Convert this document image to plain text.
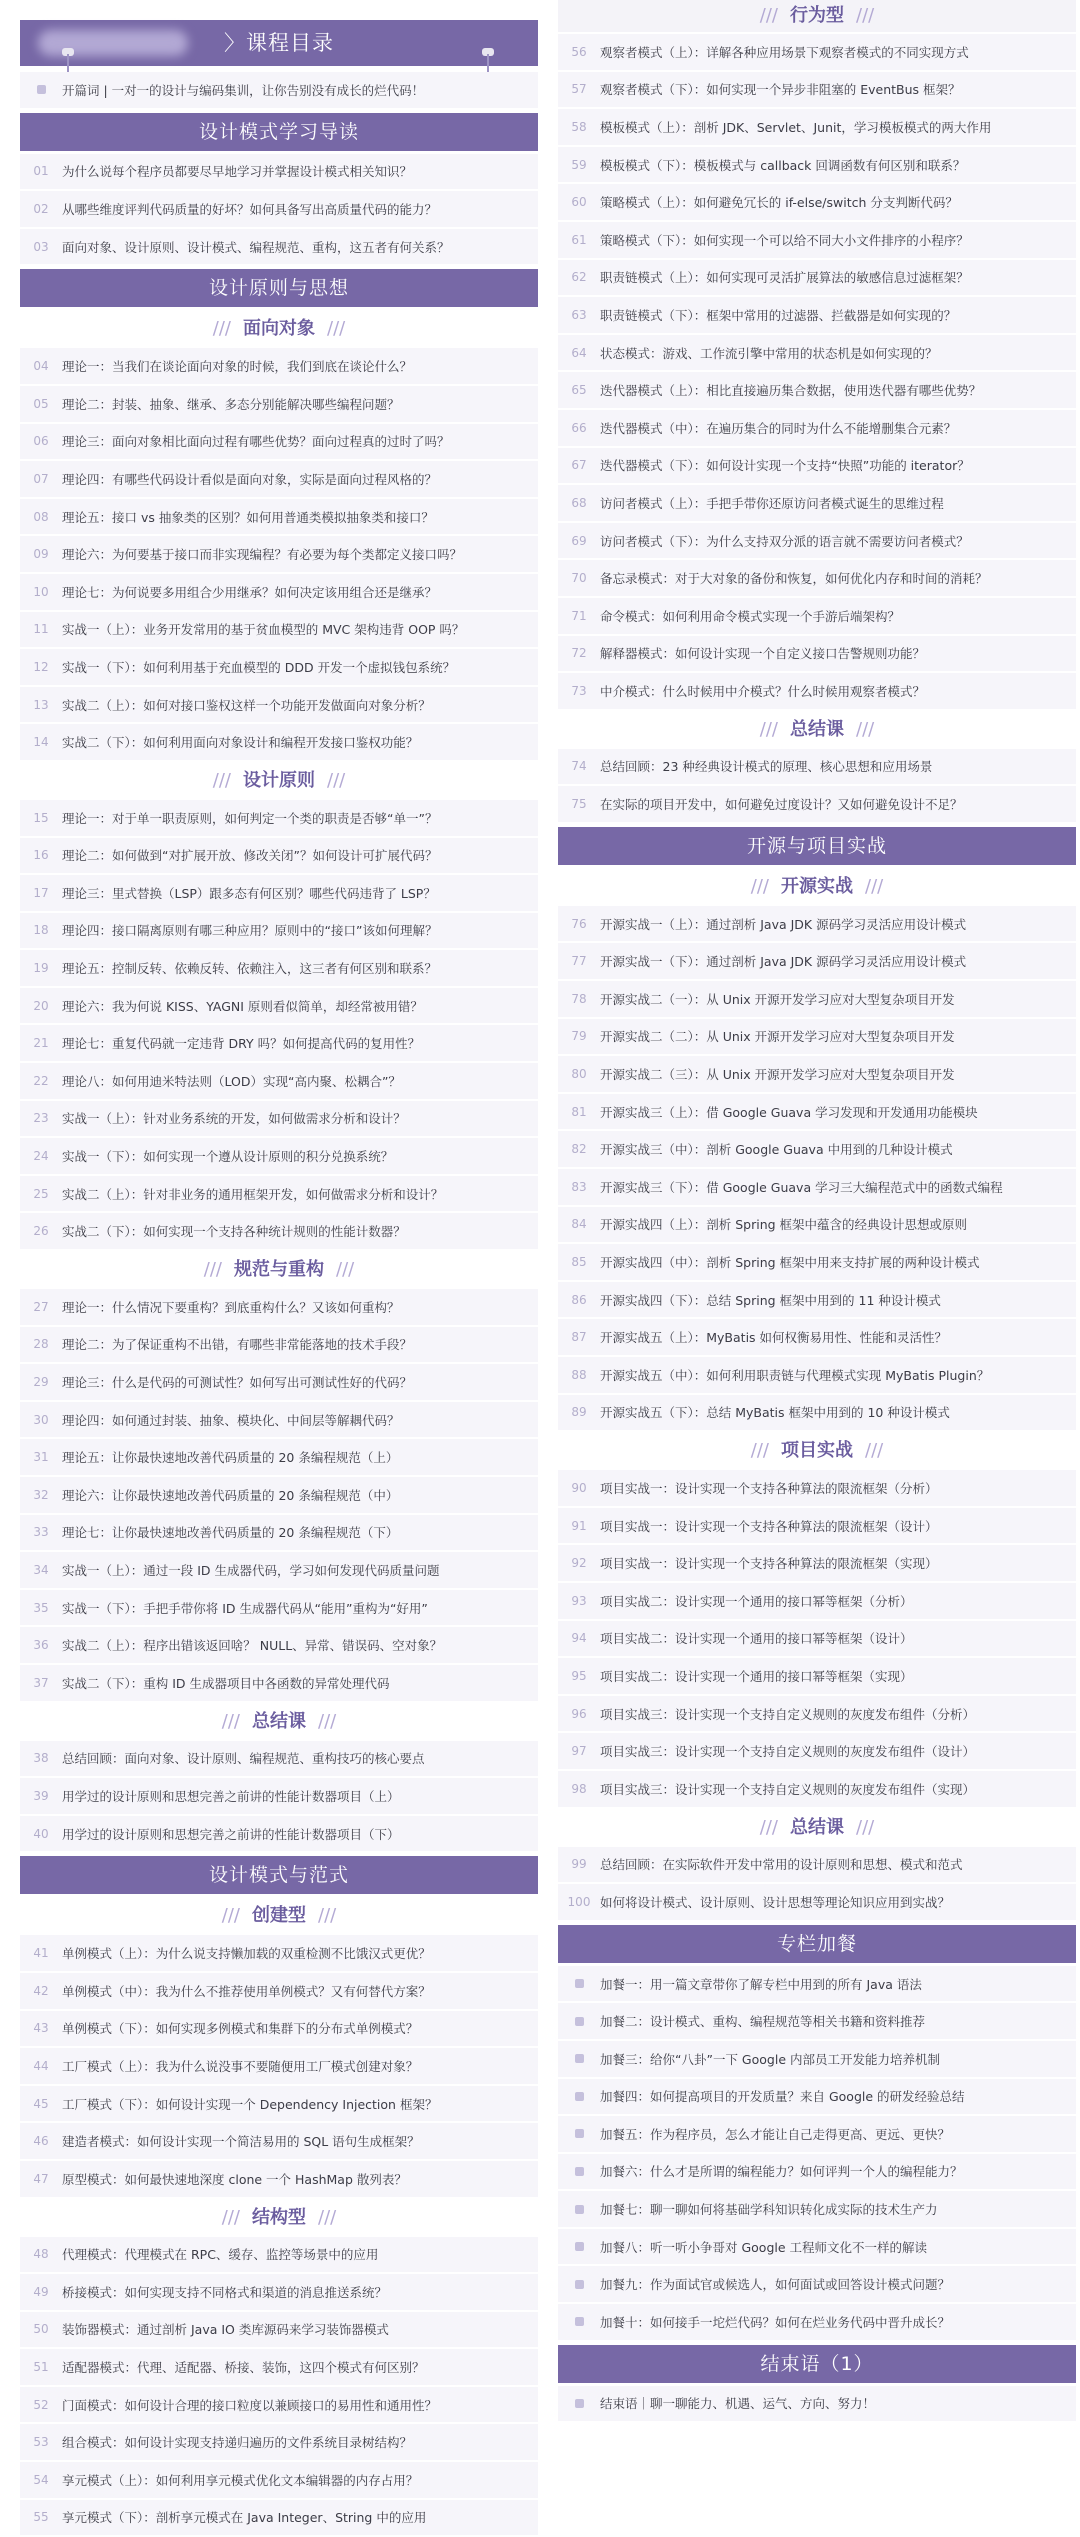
〉课程目录
开篇词 | 一对一的设计与编码集训，让你告别没有成长的烂代码！
设计模式学习导读
01	为什么说每个程序员都要尽早地学习并掌握设计模式相关知识？
02	从哪些维度评判代码质量的好坏？如何具备写出高质量代码的能力？
03	面向对象、设计原则、设计模式、编程规范、重构，这五者有何关系？
设计原则与思想
/// 面向对象 ///
04	理论一：当我们在谈论面向对象的时候，我们到底在谈论什么？
05	理论二：封装、抽象、继承、多态分别能解决哪些编程问题？
06	理论三：面向对象相比面向过程有哪些优势？面向过程真的过时了吗？
07	理论四：有哪些代码设计看似是面向对象，实际是面向过程风格的？
08	理论五：接口 vs 抽象类的区别？如何用普通类模拟抽象类和接口？
09	理论六：为何要基于接口而非实现编程？有必要为每个类都定义接口吗？
10	理论七：为何说要多用组合少用继承？如何决定该用组合还是继承？
11	实战一（上）：业务开发常用的基于贫血模型的 MVC 架构违背 OOP 吗？
12	实战一（下）：如何利用基于充血模型的 DDD 开发一个虚拟钱包系统？
13	实战二（上）：如何对接口鉴权这样一个功能开发做面向对象分析？
14	实战二（下）：如何利用面向对象设计和编程开发接口鉴权功能？
/// 设计原则 ///
15	理论一：对于单一职责原则，如何判定一个类的职责是否够“单一”？
16	理论二：如何做到“对扩展开放、修改关闭”？如何设计可扩展代码？
17	理论三：里式替换（LSP）跟多态有何区别？哪些代码违背了 LSP？
18	理论四：接口隔离原则有哪三种应用？原则中的“接口”该如何理解？
19	理论五：控制反转、依赖反转、依赖注入，这三者有何区别和联系？
20	理论六：我为何说 KISS、YAGNI 原则看似简单，却经常被用错？
21	理论七：重复代码就一定违背 DRY 吗？如何提高代码的复用性？
22	理论八：如何用迪米特法则（LOD）实现“高内聚、松耦合”？
23	实战一（上）：针对业务系统的开发，如何做需求分析和设计？
24	实战一（下）：如何实现一个遵从设计原则的积分兑换系统？
25	实战二（上）：针对非业务的通用框架开发，如何做需求分析和设计？
26	实战二（下）：如何实现一个支持各种统计规则的性能计数器？
/// 规范与重构 ///
27	理论一：什么情况下要重构？到底重构什么？又该如何重构？
28	理论二：为了保证重构不出错，有哪些非常能落地的技术手段？
29	理论三：什么是代码的可测试性？如何写出可测试性好的代码？
30	理论四：如何通过封装、抽象、模块化、中间层等解耦代码？
31	理论五：让你最快速地改善代码质量的 20 条编程规范（上）
32	理论六：让你最快速地改善代码质量的 20 条编程规范（中）
33	理论七：让你最快速地改善代码质量的 20 条编程规范（下）
34	实战一（上）：通过一段 ID 生成器代码，学习如何发现代码质量问题
35	实战一（下）：手把手带你将 ID 生成器代码从“能用”重构为“好用”
36	实战二（上）：程序出错该返回啥？ NULL、异常、错误码、空对象？
37	实战二（下）：重构 ID 生成器项目中各函数的异常处理代码
/// 总结课 ///
38	总结回顾：面向对象、设计原则、编程规范、重构技巧的核心要点
39	用学过的设计原则和思想完善之前讲的性能计数器项目（上）
40	用学过的设计原则和思想完善之前讲的性能计数器项目（下）
设计模式与范式
/// 创建型 ///
41	单例模式（上）：为什么说支持懒加载的双重检测不比饿汉式更优？
42	单例模式（中）：我为什么不推荐使用单例模式？又有何替代方案？
43	单例模式（下）：如何实现多例模式和集群下的分布式单例模式？
44	工厂模式（上）：我为什么说没事不要随便用工厂模式创建对象？
45	工厂模式（下）：如何设计实现一个 Dependency Injection 框架？
46	建造者模式：如何设计实现一个简洁易用的 SQL 语句生成框架？
47	原型模式：如何最快速地深度 clone 一个 HashMap 散列表？
/// 结构型 ///
48	代理模式：代理模式在 RPC、缓存、监控等场景中的应用
49	桥接模式：如何实现支持不同格式和渠道的消息推送系统？
50	装饰器模式：通过剖析 Java IO 类库源码来学习装饰器模式
51	适配器模式：代理、适配器、桥接、装饰，这四个模式有何区别？
52	门面模式：如何设计合理的接口粒度以兼顾接口的易用性和通用性？
53	组合模式：如何设计实现支持递归遍历的文件系统目录树结构？
54	享元模式（上）：如何利用享元模式优化文本编辑器的内存占用？
55	享元模式（下）：剖析享元模式在 Java Integer、String 中的应用
/// 行为型 ///
56	观察者模式（上）：详解各种应用场景下观察者模式的不同实现方式
57	观察者模式（下）：如何实现一个异步非阻塞的 EventBus 框架？
58	模板模式（上）：剖析 JDK、Servlet、Junit，学习模板模式的两大作用
59	模板模式（下）：模板模式与 callback 回调函数有何区别和联系？
60	策略模式（上）：如何避免冗长的 if-else/switch 分支判断代码？
61	策略模式（下）：如何实现一个可以给不同大小文件排序的小程序？
62	职责链模式（上）：如何实现可灵活扩展算法的敏感信息过滤框架？
63	职责链模式（下）：框架中常用的过滤器、拦截器是如何实现的？
64	状态模式：游戏、工作流引擎中常用的状态机是如何实现的？
65	迭代器模式（上）：相比直接遍历集合数据，使用迭代器有哪些优势？
66	迭代器模式（中）：在遍历集合的同时为什么不能增删集合元素？
67	迭代器模式（下）：如何设计实现一个支持“快照”功能的 iterator？
68	访问者模式（上）：手把手带你还原访问者模式诞生的思维过程
69	访问者模式（下）：为什么支持双分派的语言就不需要访问者模式？
70	备忘录模式：对于大对象的备份和恢复，如何优化内存和时间的消耗？
71	命令模式：如何利用命令模式实现一个手游后端架构？
72	解释器模式：如何设计实现一个自定义接口告警规则功能？
73	中介模式：什么时候用中介模式？什么时候用观察者模式？
/// 总结课 ///
74	总结回顾：23 种经典设计模式的原理、核心思想和应用场景
75	在实际的项目开发中，如何避免过度设计？又如何避免设计不足？
开源与项目实战
/// 开源实战 ///
76	开源实战一（上）：通过剖析 Java JDK 源码学习灵活应用设计模式
77	开源实战一（下）：通过剖析 Java JDK 源码学习灵活应用设计模式
78	开源实战二（一）：从 Unix 开源开发学习应对大型复杂项目开发
79	开源实战二（二）：从 Unix 开源开发学习应对大型复杂项目开发
80	开源实战二（三）：从 Unix 开源开发学习应对大型复杂项目开发
81	开源实战三（上）：借 Google Guava 学习发现和开发通用功能模块
82	开源实战三（中）：剖析 Google Guava 中用到的几种设计模式
83	开源实战三（下）：借 Google Guava 学习三大编程范式中的函数式编程
84	开源实战四（上）：剖析 Spring 框架中蕴含的经典设计思想或原则
85	开源实战四（中）：剖析 Spring 框架中用来支持扩展的两种设计模式
86	开源实战四（下）：总结 Spring 框架中用到的 11 种设计模式
87	开源实战五（上）：MyBatis 如何权衡易用性、性能和灵活性？
88	开源实战五（中）：如何利用职责链与代理模式实现 MyBatis Plugin？
89	开源实战五（下）：总结 MyBatis 框架中用到的 10 种设计模式
/// 项目实战 ///
90	项目实战一：设计实现一个支持各种算法的限流框架（分析）
91	项目实战一：设计实现一个支持各种算法的限流框架（设计）
92	项目实战一：设计实现一个支持各种算法的限流框架（实现）
93	项目实战二：设计实现一个通用的接口幂等框架（分析）
94	项目实战二：设计实现一个通用的接口幂等框架（设计）
95	项目实战二：设计实现一个通用的接口幂等框架（实现）
96	项目实战三：设计实现一个支持自定义规则的灰度发布组件（分析）
97	项目实战三：设计实现一个支持自定义规则的灰度发布组件（设计）
98	项目实战三：设计实现一个支持自定义规则的灰度发布组件（实现）
/// 总结课 ///
99	总结回顾：在实际软件开发中常用的设计原则和思想、模式和范式
100 如何将设计模式、设计原则、设计思想等理论知识应用到实战？
专栏加餐
加餐一：用一篇文章带你了解专栏中用到的所有 Java 语法
加餐二：设计模式、重构、编程规范等相关书籍和资料推荐
加餐三：给你“八卦”一下 Google 内部员工开发能力培养机制
加餐四：如何提高项目的开发质量？来自 Google 的研发经验总结
加餐五：作为程序员，怎么才能让自己走得更高、更远、更快？
加餐六：什么才是所谓的编程能力？如何评判一个人的编程能力？
加餐七：聊一聊如何将基础学科知识转化成实际的技术生产力
加餐八：听一听小争哥对 Google 工程师文化不一样的解读
加餐九：作为面试官或候选人，如何面试或回答设计模式问题？
加餐十：如何接手一坨烂代码？如何在烂业务代码中晋升成长？
结束语（1）
结束语｜聊一聊能力、机遇、运气、方向、努力！
